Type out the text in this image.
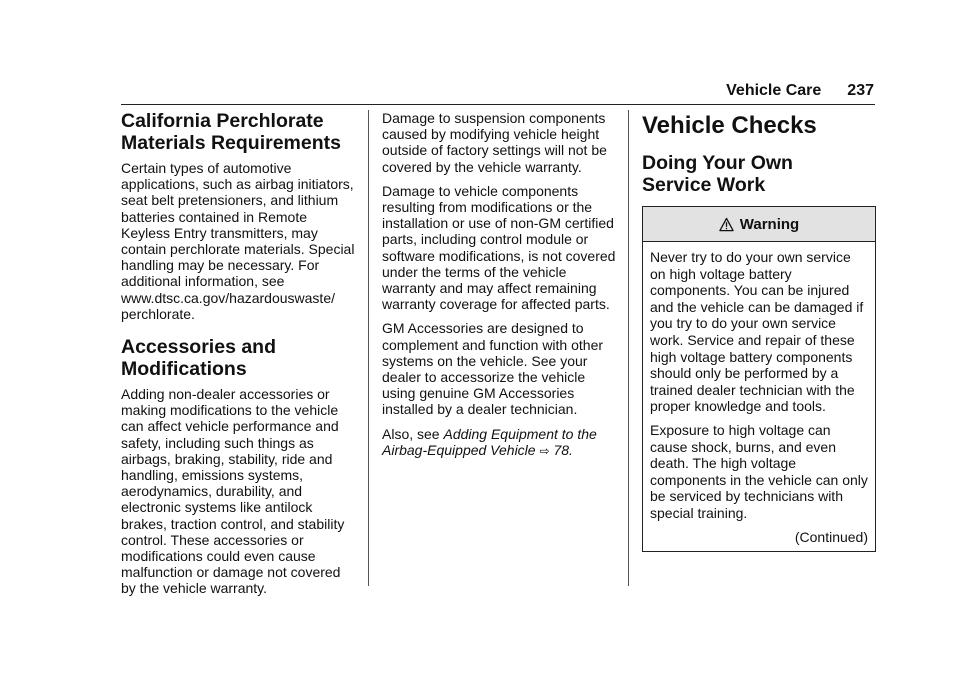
Vehicle Care 237
California Perchlorate
Materials Requirements

Certain types of automotive applications, such as airbag initiators, seat belt pretensioners, and lithium batteries contained in Remote Keyless Entry transmitters, may contain perchlorate materials. Special handling may be necessary. For additional information, see www.dtsc.ca.gov/hazardouswaste/ perchlorate.

Accessories and
Modifications

Adding non-dealer accessories or making modifications to the vehicle can affect vehicle performance and safety, including such things as airbags, braking, stability, ride and handling, emissions systems, aerodynamics, durability, and electronic systems like antilock brakes, traction control, and stability control. These accessories or modifications could even cause malfunction or damage not covered by the vehicle warranty.

Damage to suspension components caused by modifying vehicle height outside of factory settings will not be covered by the vehicle warranty.

Damage to vehicle components resulting from modifications or the installation or use of non-GM certified parts, including control module or software modifications, is not covered under the terms of the vehicle warranty and may affect remaining warranty coverage for affected parts.

GM Accessories are designed to complement and function with other systems on the vehicle. See your dealer to accessorize the vehicle using genuine GM Accessories installed by a dealer technician.

Also, see Adding Equipment to the Airbag-Equipped Vehicle ⇨ 78.

Vehicle Checks
Doing Your Own
Service Work
Warning

Never try to do your own service on high voltage battery components. You can be injured and the vehicle can be damaged if you try to do your own service work. Service and repair of these high voltage battery components should only be performed by a trained dealer technician with the proper knowledge and tools.

Exposure to high voltage can cause shock, burns, and even death. The high voltage components in the vehicle can only be serviced by technicians with special training.

(Continued)
